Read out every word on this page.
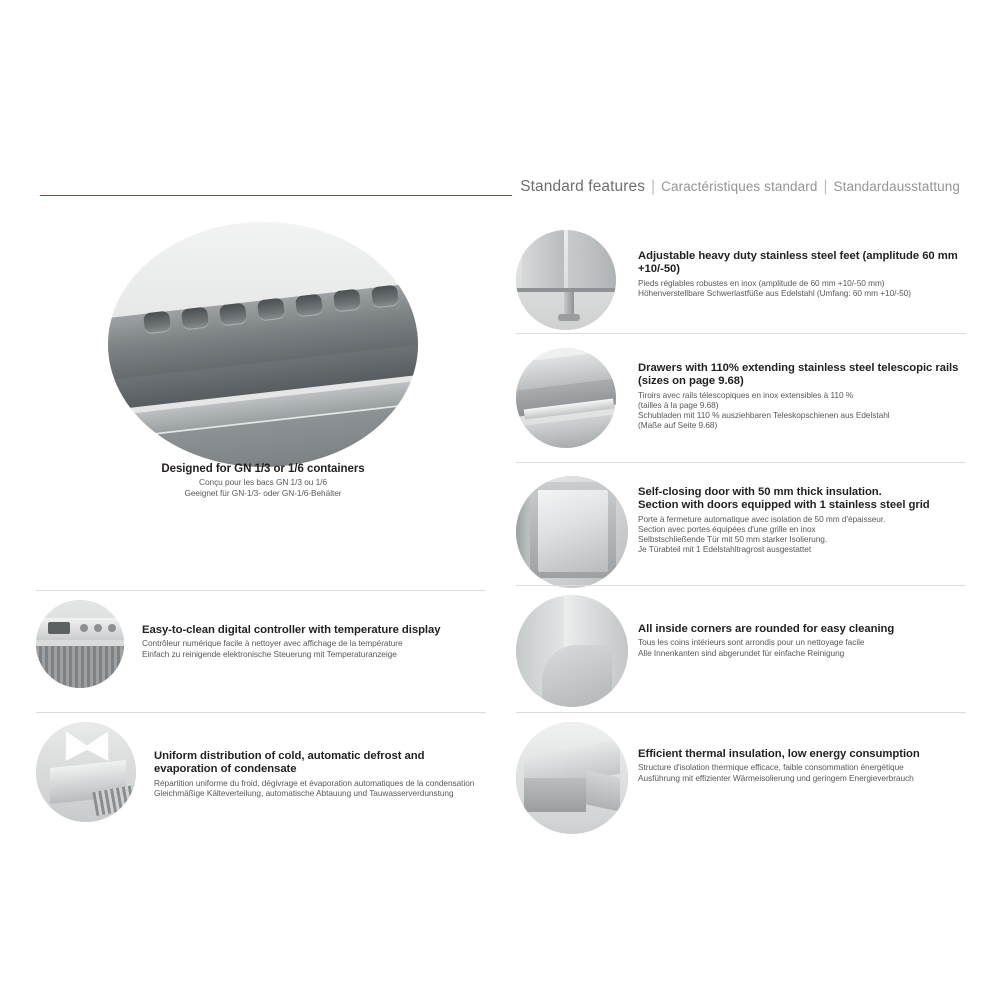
Standard features | Caractéristiques standard | Standardausstattung
Designed for GN 1/3 or 1/6 containers
Conçu pour les bacs GN 1/3 ou 1/6
Geeignet für GN-1/3- oder GN-1/6-Behälter
Adjustable heavy duty stainless steel feet (amplitude 60 mm +10/-50)
Pieds réglables robustes en inox (amplitude de 60 mm +10/-50 mm)
Höhenverstellbare Schwerlastfüße aus Edelstahl (Umfang: 60 mm +10/-50)
Drawers with 110% extending stainless steel telescopic rails
(sizes on page 9.68)
Tiroirs avec rails télescopiques en inox extensibles à 110 %
(tailles à la page 9.68)
Schubladen mit 110 % ausziehbaren Teleskopschienen aus Edelstahl
(Maße auf Seite 9.68)
Self-closing door with 50 mm thick insulation.
Section with doors equipped with 1 stainless steel grid
Porte à fermeture automatique avec isolation de 50 mm d'épaisseur.
Section avec portes équipées d'une grille en inox
Selbstschließende Tür mit 50 mm starker Isolierung.
Je Türabteil mit 1 Edelstahltragrost ausgestattet
Easy-to-clean digital controller with temperature display
Contrôleur numérique facile à nettoyer avec affichage de la température
Einfach zu reinigende elektronische Steuerung mit Temperaturanzeige
All inside corners are rounded for easy cleaning
Tous les coins intérieurs sont arrondis pour un nettoyage facile
Alle Innenkanten sind abgerundet für einfache Reinigung
Uniform distribution of cold, automatic defrost and evaporation of condensate
Répartition uniforme du froid, dégivrage et évaporation automatiques de la condensation
Gleichmäßige Kälteverteilung, automatische Abtauung und Tauwasserverdunstung
Efficient thermal insulation, low energy consumption
Structure d'isolation thermique efficace, faible consommation énergétique
Ausführung mit effizienter Wärmeisolierung und geringem Energieverbrauch
